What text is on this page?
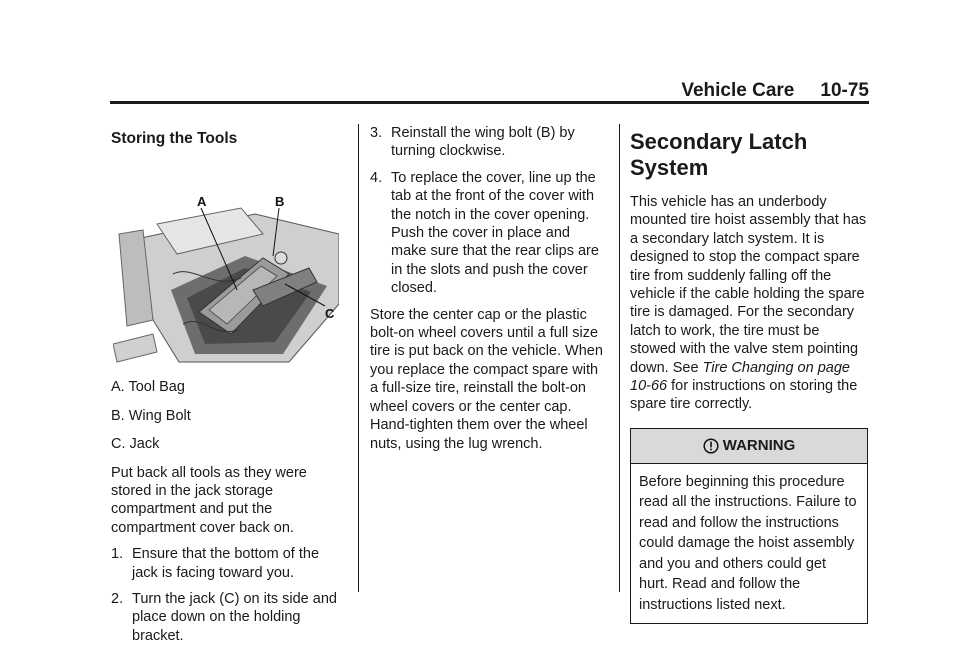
Vehicle Care 10-75
Storing the Tools
A	B
C

A. Tool Bag

B. Wing Bolt

C. Jack

Put back all tools as they were stored in the jack storage compartment and put the compartment cover back on.

1. Ensure that the bottom of the jack is facing toward you.
2. Turn the jack (C) on its side and place down on the holding bracket.
3. Reinstall the wing bolt (B) by turning clockwise.
4. To replace the cover, line up the tab at the front of the cover with the notch in the cover opening. Push the cover in place and make sure that the rear clips are in the slots and push the cover closed.

Store the center cap or the plastic bolt-on wheel covers until a full size tire is put back on the vehicle. When you replace the compact spare with a full-size tire, reinstall the bolt-on wheel covers or the center cap. Hand-tighten them over the wheel nuts, using the lug wrench.

Secondary Latch System

This vehicle has an underbody mounted tire hoist assembly that has a secondary latch system. It is designed to stop the compact spare tire from suddenly falling off the vehicle if the cable holding the spare tire is damaged. For the secondary latch to work, the tire must be stowed with the valve stem pointing down. See Tire Changing on page 10-66 for instructions on storing the spare tire correctly.

WARNING
Before beginning this procedure read all the instructions. Failure to read and follow the instructions could damage the hoist assembly and you and others could get hurt. Read and follow the instructions listed next.
